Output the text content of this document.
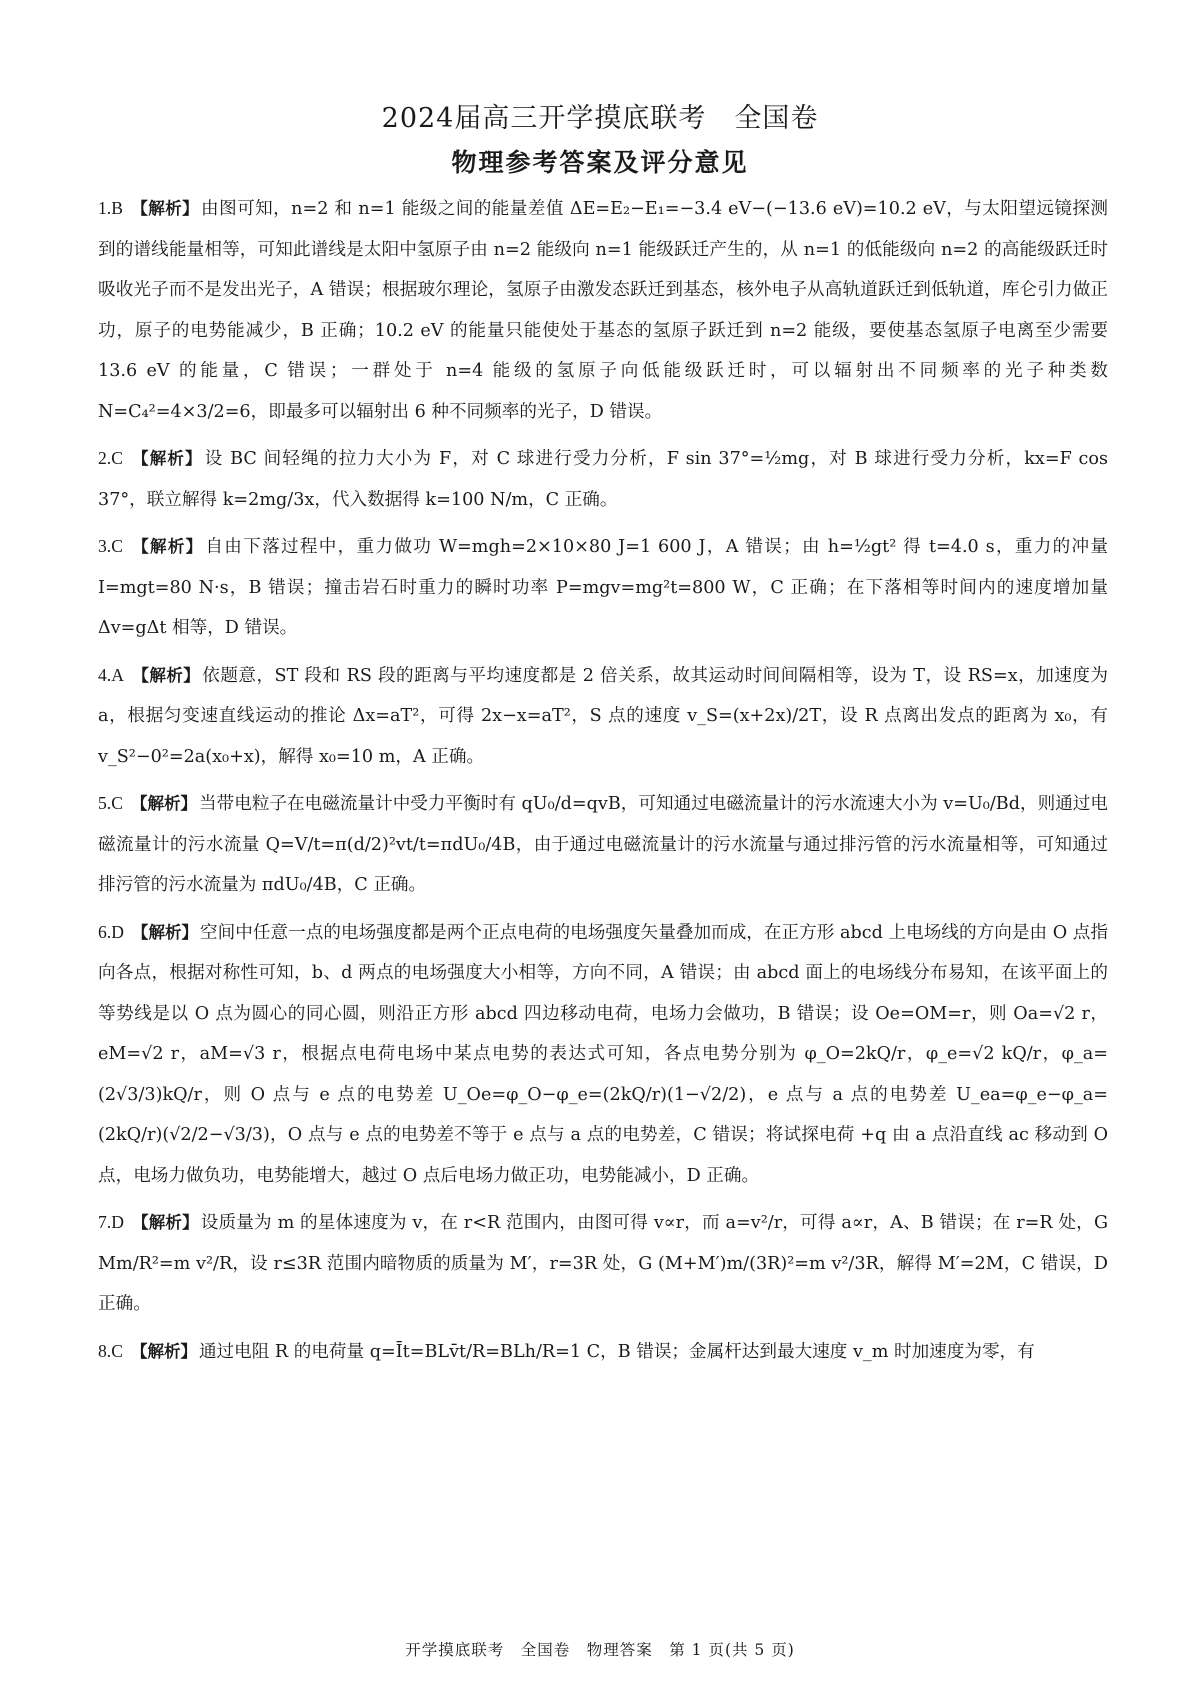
2024届高三开学摸底联考　全国卷
物理参考答案及评分意见

1.B 【解析】 由图可知，n=2 和 n=1 能级之间的能量差值 ΔE=E₂−E₁=−3.4 eV−(−13.6 eV)=10.2 eV，与太阳望远镜探测到的谱线能量相等，可知此谱线是太阳中氢原子由 n=2 能级向 n=1 能级跃迁产生的，从 n=1 的低能级向 n=2 的高能级跃迁时吸收光子而不是发出光子，A 错误；根据玻尔理论，氢原子由激发态跃迁到基态，核外电子从高轨道跃迁到低轨道，库仑引力做正功，原子的电势能减少，B 正确；10.2 eV 的能量只能使处于基态的氢原子跃迁到 n=2 能级，要使基态氢原子电离至少需要 13.6 eV 的能量，C 错误；一群处于 n=4 能级的氢原子向低能级跃迁时，可以辐射出不同频率的光子种类数 N=C₄²=4×3/2=6，即最多可以辐射出 6 种不同频率的光子，D 错误。

2.C 【解析】 设 BC 间轻绳的拉力大小为 F，对 C 球进行受力分析，F sin 37°=½mg，对 B 球进行受力分析，kx=F cos 37°，联立解得 k=2mg/3x，代入数据得 k=100 N/m，C 正确。

3.C 【解析】 自由下落过程中，重力做功 W=mgh=2×10×80 J=1 600 J，A 错误；由 h=½gt² 得 t=4.0 s，重力的冲量 I=mgt=80 N·s，B 错误；撞击岩石时重力的瞬时功率 P=mgv=mg²t=800 W，C 正确；在下落相等时间内的速度增加量 Δv=gΔt 相等，D 错误。

4.A 【解析】 依题意，ST 段和 RS 段的距离与平均速度都是 2 倍关系，故其运动时间间隔相等，设为 T，设 RS=x，加速度为 a，根据匀变速直线运动的推论 Δx=aT²，可得 2x−x=aT²，S 点的速度 v_S=(x+2x)/2T，设 R 点离出发点的距离为 x₀，有 v_S²−0²=2a(x₀+x)，解得 x₀=10 m，A 正确。

5.C 【解析】 当带电粒子在电磁流量计中受力平衡时有 qU₀/d=qvB，可知通过电磁流量计的污水流速大小为 v=U₀/Bd，则通过电磁流量计的污水流量 Q=V/t=π(d/2)²vt/t=πdU₀/4B，由于通过电磁流量计的污水流量与通过排污管的污水流量相等，可知通过排污管的污水流量为 πdU₀/4B，C 正确。

6.D 【解析】 空间中任意一点的电场强度都是两个正点电荷的电场强度矢量叠加而成，在正方形 abcd 上电场线的方向是由 O 点指向各点，根据对称性可知，b、d 两点的电场强度大小相等，方向不同，A 错误；由 abcd 面上的电场线分布易知，在该平面上的等势线是以 O 点为圆心的同心圆，则沿正方形 abcd 四边移动电荷，电场力会做功，B 错误；设 Oe=OM=r，则 Oa=√2 r，eM=√2 r，aM=√3 r，根据点电荷电场中某点电势的表达式可知，各点电势分别为 φ_O=2kQ/r，φ_e=√2 kQ/r，φ_a=(2√3/3)kQ/r，则 O 点与 e 点的电势差 U_Oe=φ_O−φ_e=(2kQ/r)(1−√2/2)，e 点与 a 点的电势差 U_ea=φ_e−φ_a=(2kQ/r)(√2/2−√3/3)，O 点与 e 点的电势差不等于 e 点与 a 点的电势差，C 错误；将试探电荷 +q 由 a 点沿直线 ac 移动到 O 点，电场力做负功，电势能增大，越过 O 点后电场力做正功，电势能减小，D 正确。

7.D 【解析】 设质量为 m 的星体速度为 v，在 r<R 范围内，由图可得 v∝r，而 a=v²/r，可得 a∝r，A、B 错误；在 r=R 处，G Mm/R²=m v²/R，设 r≤3R 范围内暗物质的质量为 M′，r=3R 处，G (M+M′)m/(3R)²=m v²/3R，解得 M′=2M，C 错误，D 正确。

8.C 【解析】 通过电阻 R 的电荷量 q=Īt=BLv̄t/R=BLh/R=1 C，B 错误；金属杆达到最大速度 v_m 时加速度为零，有

开学摸底联考　全国卷　物理答案　第 1 页(共 5 页)
